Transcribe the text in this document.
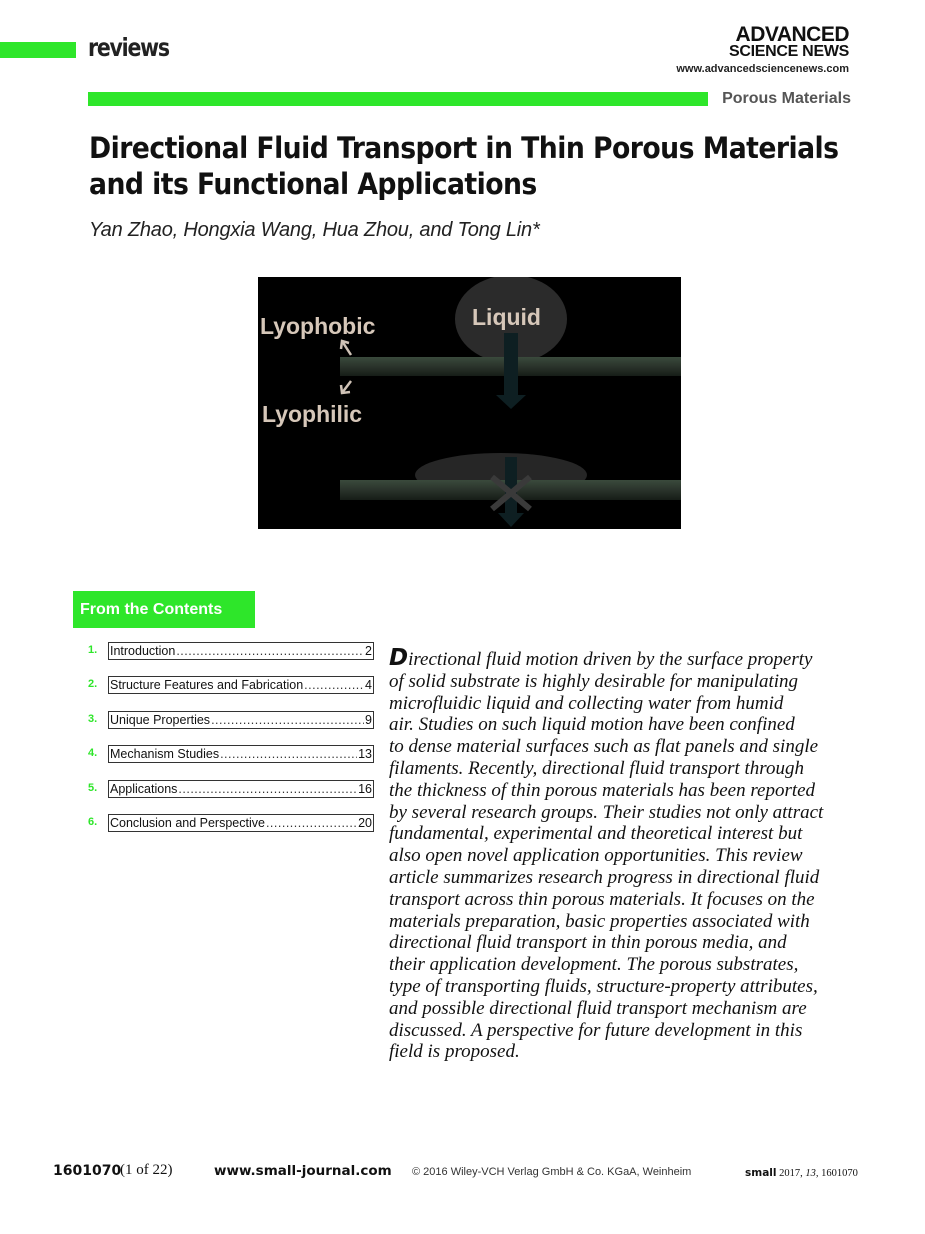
reviews	ADVANCED
SCIENCE NEWS
www.advancedsciencenews.com
Porous Materials
Directional Fluid Transport in Thin Porous Materials
and its Functional Applications
Yan Zhao, Hongxia Wang, Hua Zhou, and Tong Lin*
Lyophobic
Lyophilic
Liquid
From the Contents
1. Introduction .....	2
2. Structure Features and Fabrication .....	4
3. Unique Properties .....	9
4. Mechanism Studies .....	13
5. Applications .....	16
6. Conclusion and Perspective .....	20
Directional fluid motion driven by the surface property
of solid substrate is highly desirable for manipulating
microfluidic liquid and collecting water from humid
air. Studies on such liquid motion have been confined
to dense material surfaces such as flat panels and single
filaments. Recently, directional fluid transport through
the thickness of thin porous materials has been reported
by several research groups. Their studies not only attract
fundamental, experimental and theoretical interest but
also open novel application opportunities. This review
article summarizes research progress in directional fluid
transport across thin porous materials. It focuses on the
materials preparation, basic properties associated with
directional fluid transport in thin porous media, and
their application development. The porous substrates,
type of transporting fluids, structure-property attributes,
and possible directional fluid transport mechanism are
discussed. A perspective for future development in this
field is proposed.
1601070
(1 of 22)	www.small-journal.com © 2016 Wiley-VCH Verlag GmbH & Co. KGaA, Weinheim	small 2017, 13, 1601070
